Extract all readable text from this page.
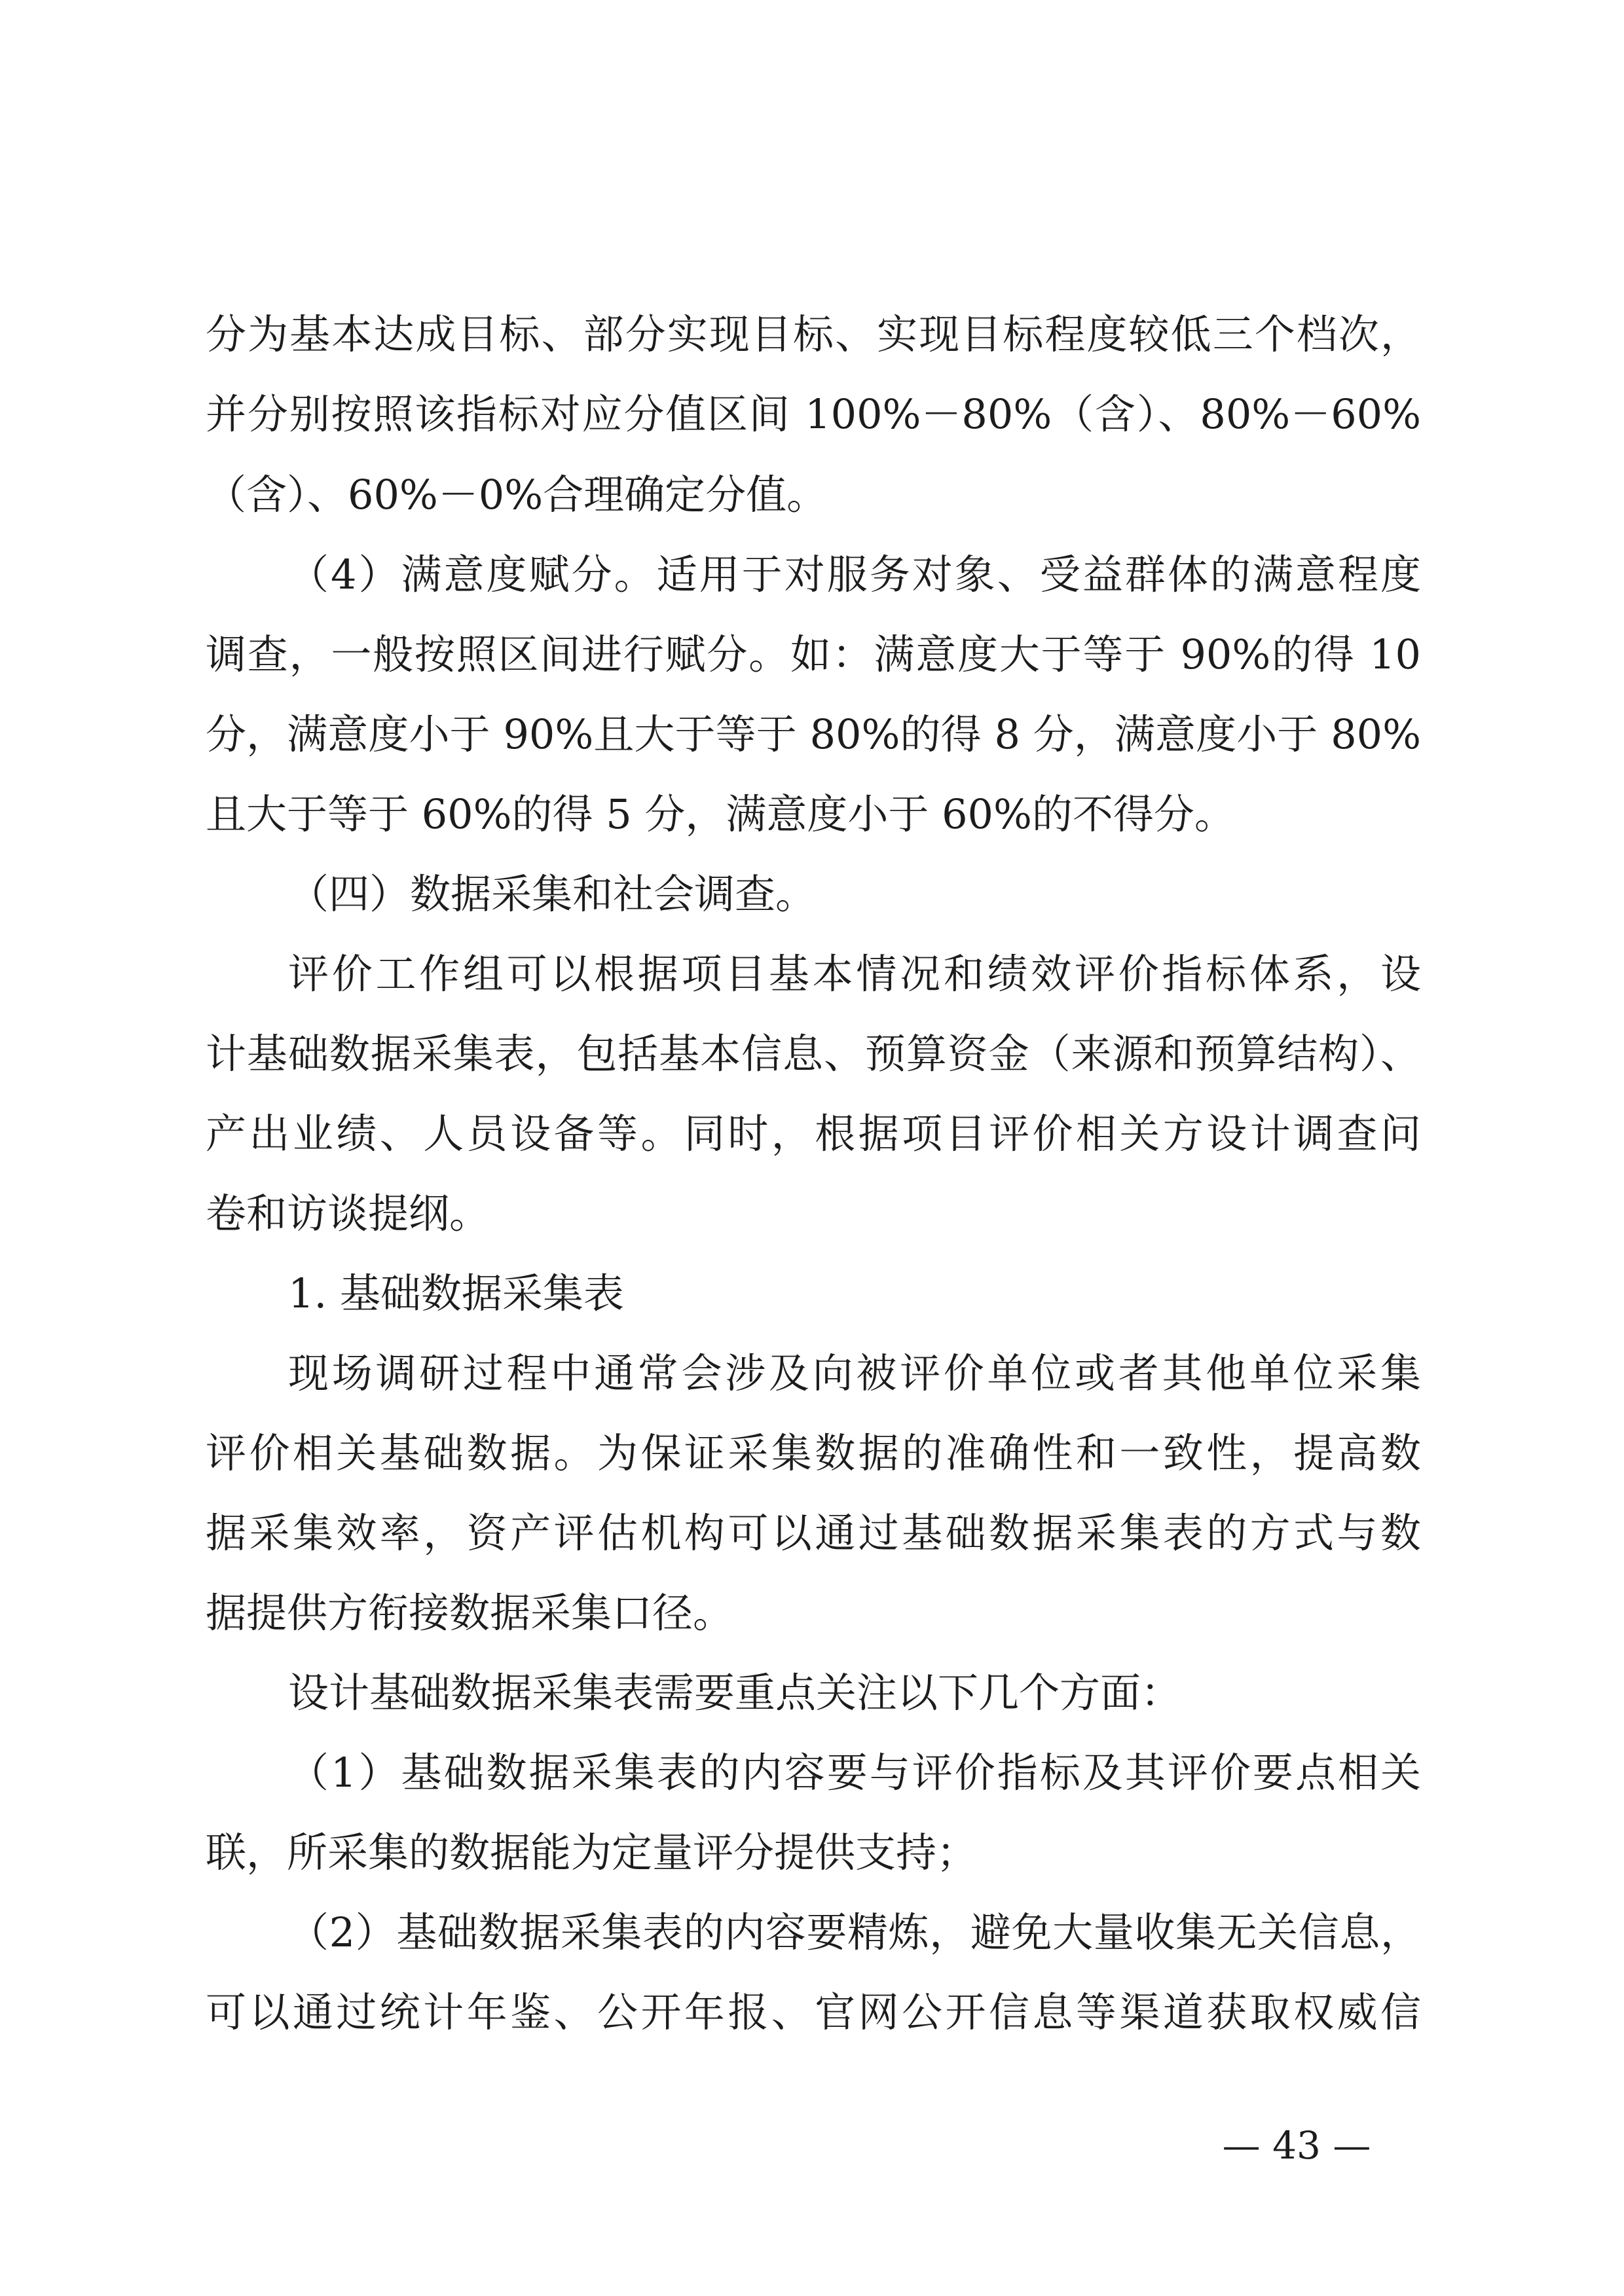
分为基本达成目标、部分实现目标、实现目标程度较低三个档次，

并分别按照该指标对应分值区间 100%－80%（含）、80%－60%

（含）、60%－0%合理确定分值。

（4）满意度赋分。适用于对服务对象、受益群体的满意程度

调查，一般按照区间进行赋分。如：满意度大于等于 90%的得 10

分，满意度小于 90%且大于等于 80%的得 8 分，满意度小于 80%

且大于等于 60%的得 5 分，满意度小于 60%的不得分。

（四）数据采集和社会调查。

评价工作组可以根据项目基本情况和绩效评价指标体系，设

计基础数据采集表，包括基本信息、预算资金（来源和预算结构）、

产出业绩、人员设备等。同时，根据项目评价相关方设计调查问

卷和访谈提纲。

1. 基础数据采集表

现场调研过程中通常会涉及向被评价单位或者其他单位采集

评价相关基础数据。为保证采集数据的准确性和一致性，提高数

据采集效率，资产评估机构可以通过基础数据采集表的方式与数

据提供方衔接数据采集口径。

设计基础数据采集表需要重点关注以下几个方面：

（1）基础数据采集表的内容要与评价指标及其评价要点相关

联，所采集的数据能为定量评分提供支持；

（2）基础数据采集表的内容要精炼，避免大量收集无关信息，

可以通过统计年鉴、公开年报、官网公开信息等渠道获取权威信

— 43 —
